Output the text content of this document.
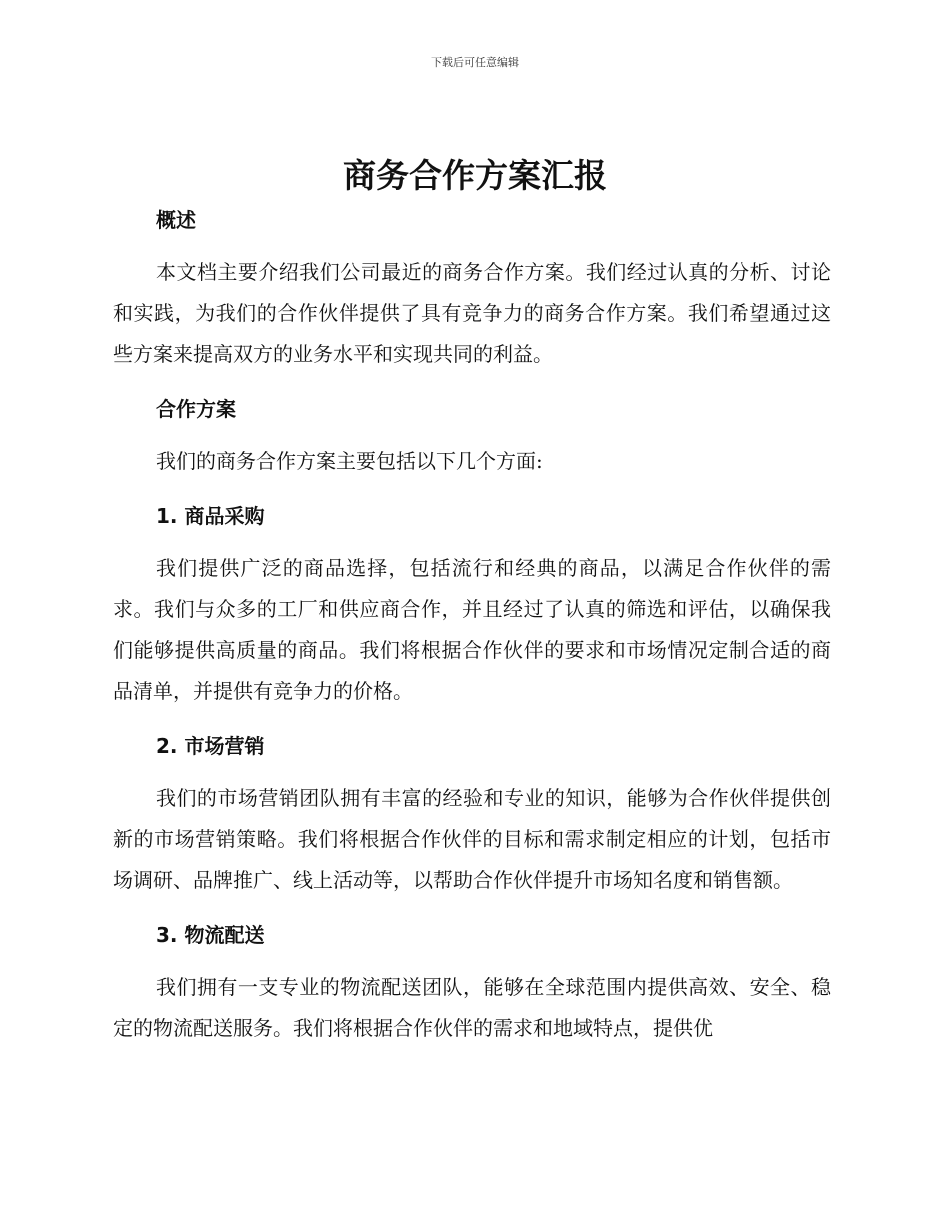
下载后可任意编辑
商务合作方案汇报

概述

本文档主要介绍我们公司最近的商务合作方案。我们经过认真的分析、讨论和实践，为我们的合作伙伴提供了具有竞争力的商务合作方案。我们希望通过这些方案来提高双方的业务水平和实现共同的利益。

合作方案

我们的商务合作方案主要包括以下几个方面:

1. 商品采购

我们提供广泛的商品选择，包括流行和经典的商品，以满足合作伙伴的需求。我们与众多的工厂和供应商合作，并且经过了认真的筛选和评估，以确保我们能够提供高质量的商品。我们将根据合作伙伴的要求和市场情况定制合适的商品清单，并提供有竞争力的价格。

2. 市场营销

我们的市场营销团队拥有丰富的经验和专业的知识，能够为合作伙伴提供创新的市场营销策略。我们将根据合作伙伴的目标和需求制定相应的计划，包括市场调研、品牌推广、线上活动等，以帮助合作伙伴提升市场知名度和销售额。

3. 物流配送

我们拥有一支专业的物流配送团队，能够在全球范围内提供高效、安全、稳定的物流配送服务。我们将根据合作伙伴的需求和地域特点，提供优
